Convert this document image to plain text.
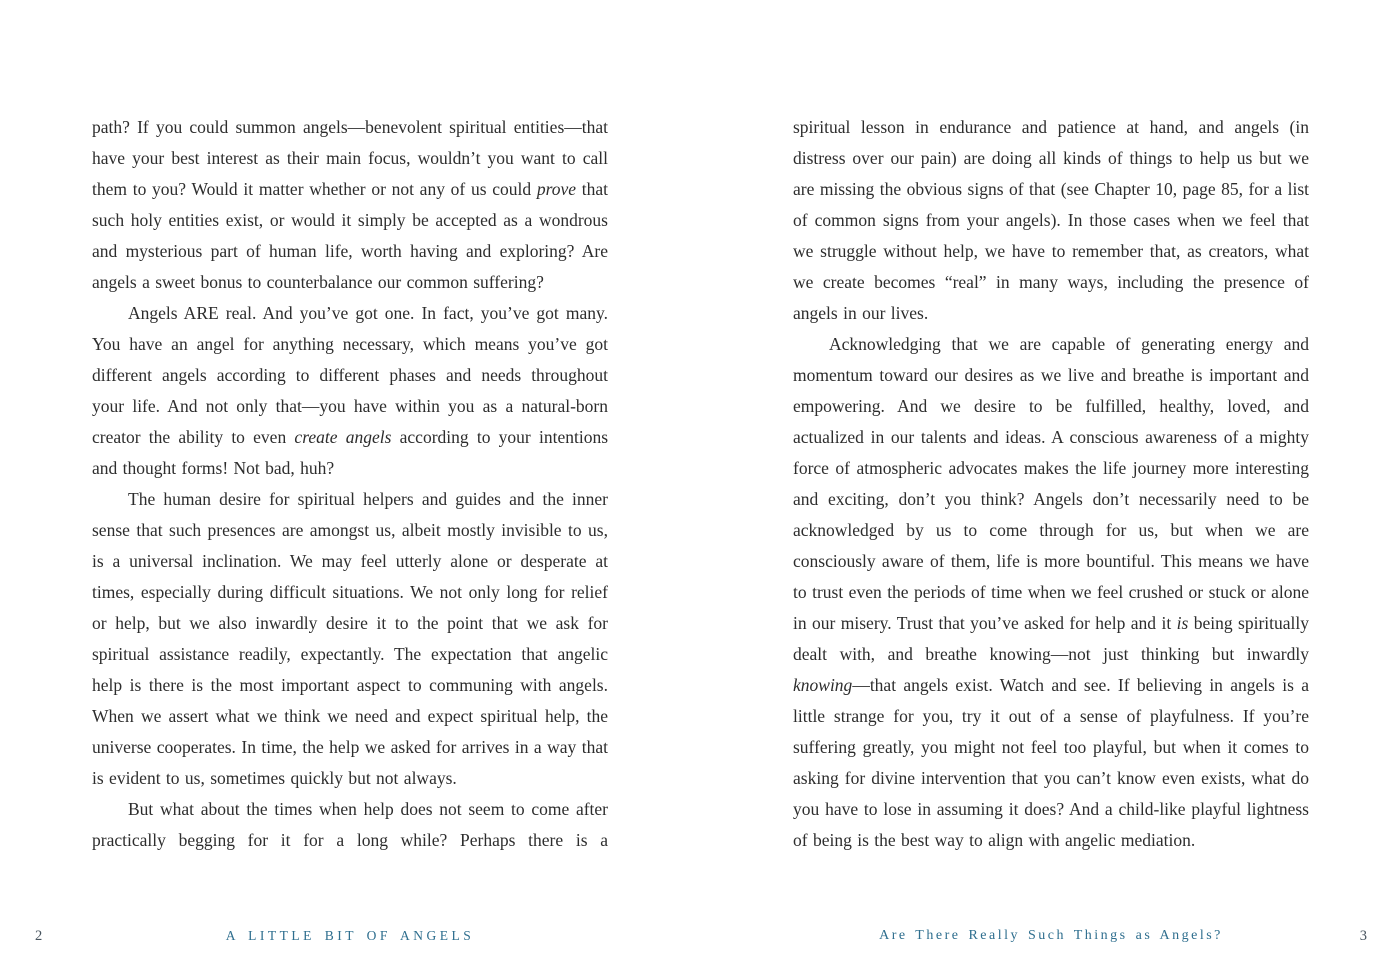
path? If you could summon angels—benevolent spiritual entities—that have your best interest as their main focus, wouldn’t you want to call them to you? Would it matter whether or not any of us could prove that such holy entities exist, or would it simply be accepted as a wondrous and mysterious part of human life, worth having and exploring? Are angels a sweet bonus to counterbalance our common suffering?

Angels ARE real. And you’ve got one. In fact, you’ve got many. You have an angel for anything necessary, which means you’ve got different angels according to different phases and needs throughout your life. And not only that—you have within you as a natural-born creator the ability to even create angels according to your intentions and thought forms! Not bad, huh?

The human desire for spiritual helpers and guides and the inner sense that such presences are amongst us, albeit mostly invisible to us, is a universal inclination. We may feel utterly alone or desperate at times, especially during difficult situations. We not only long for relief or help, but we also inwardly desire it to the point that we ask for spiritual assistance readily, expectantly. The expectation that angelic help is there is the most important aspect to communing with angels. When we assert what we think we need and expect spiritual help, the universe cooperates. In time, the help we asked for arrives in a way that is evident to us, sometimes quickly but not always.

But what about the times when help does not seem to come after practically begging for it for a long while? Perhaps there is a

spiritual lesson in endurance and patience at hand, and angels (in distress over our pain) are doing all kinds of things to help us but we are missing the obvious signs of that (see Chapter 10, page 85, for a list of common signs from your angels). In those cases when we feel that we struggle without help, we have to remember that, as creators, what we create becomes “real” in many ways, including the presence of angels in our lives.

Acknowledging that we are capable of generating energy and momentum toward our desires as we live and breathe is important and empowering. And we desire to be fulfilled, healthy, loved, and actualized in our talents and ideas. A conscious awareness of a mighty force of atmospheric advocates makes the life journey more interesting and exciting, don’t you think? Angels don’t necessarily need to be acknowledged by us to come through for us, but when we are consciously aware of them, life is more bountiful. This means we have to trust even the periods of time when we feel crushed or stuck or alone in our misery. Trust that you’ve asked for help and it is being spiritually dealt with, and breathe knowing—not just thinking but inwardly knowing—that angels exist. Watch and see. If believing in angels is a little strange for you, try it out of a sense of playfulness. If you’re suffering greatly, you might not feel too playful, but when it comes to asking for divine intervention that you can’t know even exists, what do you have to lose in assuming it does? And a child-like playful lightness of being is the best way to align with angelic mediation.

2	A LITTLE BIT OF ANGELS	Are There Really Such Things as Angels?	3
